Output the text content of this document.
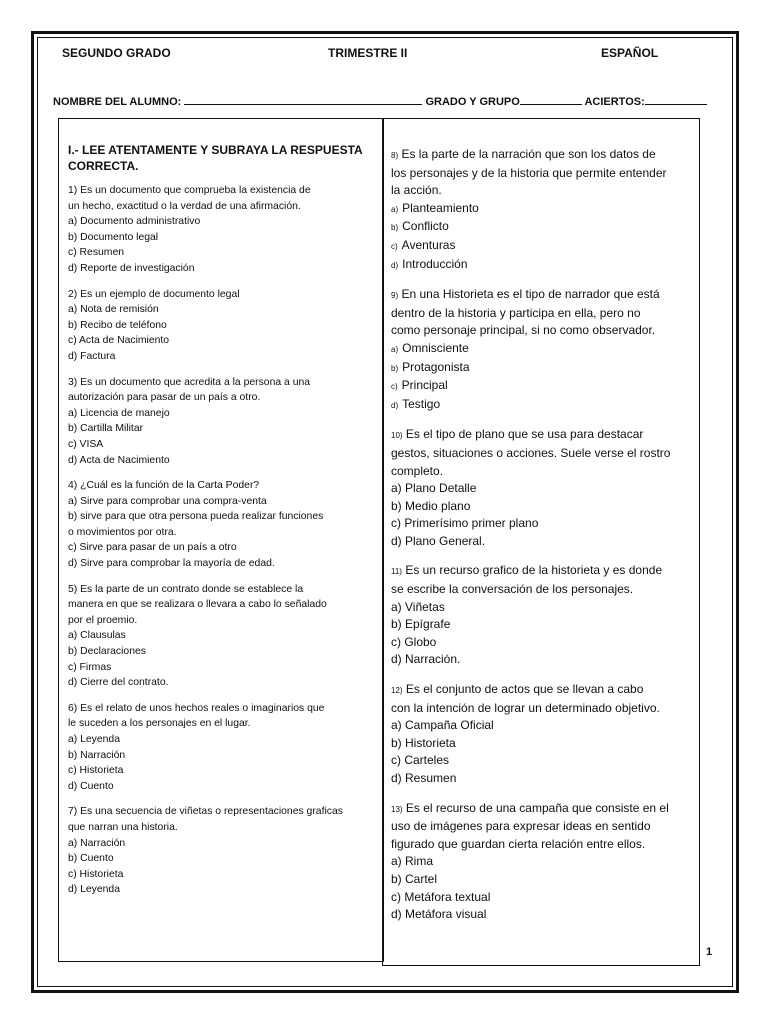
SEGUNDO GRADO	TRIMESTRE II	ESPAÑOL
NOMBRE DEL ALUMNO:	GRADO Y GRUPO	ACIERTOS:
I.- LEE ATENTAMENTE Y SUBRAYA LA RESPUESTA
CORRECTA.
1) Es un documento que comprueba la existencia de
un hecho, exactitud o la verdad de una afirmación.
a) Documento administrativo
b) Documento legal
c) Resumen
d) Reporte de investigación
2) Es un ejemplo de documento legal
a) Nota de remisión
b) Recibo de teléfono
c) Acta de Nacimiento
d) Factura
3) Es un documento que acredita a la persona a una
autorización para pasar de un país a otro.
a) Licencia de manejo
b) Cartilla Militar
c) VISA
d) Acta de Nacimiento
4) ¿Cuál es la función de la Carta Poder?
a) Sirve para comprobar una compra-venta
b) sirve para que otra persona pueda realizar funciones
o movimientos por otra.
c) Sirve para pasar de un país a otro
d) Sirve para comprobar la mayoría de edad.
5) Es la parte de un contrato donde se establece la
manera en que se realizara o llevara a cabo lo señalado
por el proemio.
a) Clausulas
b) Declaraciones
c) Firmas
d) Cierre del contrato.
6) Es el relato de unos hechos reales o imaginarios que
le suceden a los personajes en el lugar.
a) Leyenda
b) Narración
c) Historieta
d) Cuento
7) Es una secuencia de viñetas o representaciones graficas
que narran una historia.
a) Narración
b) Cuento
c) Historieta
d) Leyenda
8) Es la parte de la narración que son los datos de
los personajes y de la historia que permite entender
la acción.
a) Planteamiento
b) Conflicto
c) Aventuras
d) Introducción
9) En una Historieta es el tipo de narrador que está
dentro de la historia y participa en ella, pero no
como personaje principal, si no como observador.
a) Omnisciente
b) Protagonista
c) Principal
d) Testigo
10) Es el tipo de plano que se usa para destacar
gestos, situaciones o acciones. Suele verse el rostro
completo.
a) Plano Detalle
b) Medio plano
c) Primerísimo primer plano
d) Plano General.
11) Es un recurso grafico de la historieta y es donde
se escribe la conversación de los personajes.
a) Viñetas
b) Epígrafe
c) Globo
d) Narración.
12) Es el conjunto de actos que se llevan a cabo
con la intención de lograr un determinado objetivo.
a) Campaña Oficial
b) Historieta
c) Carteles
d) Resumen
13) Es el recurso de una campaña que consiste en el
uso de imágenes para expresar ideas en sentido
figurado que guardan cierta relación entre ellos.
a) Rima
b) Cartel
c) Metáfora textual
d) Metáfora visual
1
